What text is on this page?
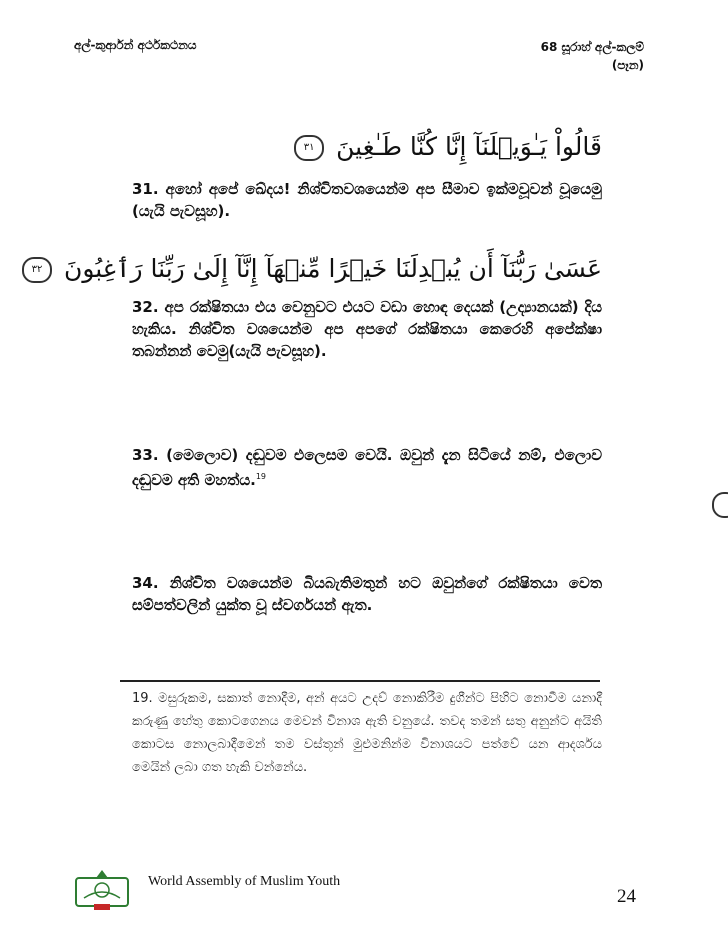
අල්-කුර්ආන් අර්ථකථනය	68 සූරාහ් අල්-කලම්
(පෑන)
قَالُواْ يَـٰوَيۡلَنَآ إِنَّا كُنَّا طَـٰغِينَ ٣١
31. අහෝ අපේ ඛේදය! නිශ්චිතවශයෙන්ම අප සීමාව ඉක්මවූවන් වූයෙමු (යැයි පැවසූහ).
عَسَىٰ رَبُّنَآ أَن يُبۡدِلَنَا خَيۡرًا مِّنۡهَآ إِنَّآ إِلَىٰ رَبِّنَا رَٲغِبُونَ ٣٢
32. අප රක්ෂිතයා එය වෙනුවට එයට වඩා හොඳ දෙයක් (උද්‍යානයක්) දිය හැකිය. නිශ්චිත වශයෙන්ම අප අපගේ රක්ෂිතයා කෙරෙහි අපේක්ෂා තබන්නන් වෙමු(යැයි පැවසූහ).
33. (මෙලොව) දඬුවම එලෙසම වෙයි. ඔවුන් දැන සිටියේ නම්, එලොව දඬුවම අති මහත්ය.$^{19}$
34. නිශ්චිත වශයෙන්ම බියබැතිමතුන් හට ඔවුන්ගේ රක්ෂිතයා වෙත සම්පත්වලින් යුක්ත වූ ස්වර්ගයන් ඇත.
19. මසුරුකම, සකාත් නොදීම, අන් අයට උදව් නොකිරීම දුගීන්ට පිහිට නොවීම යනාදී කරුණු හේතු කොටගෙනය මෙවන් විනාශ ඇති වනුයේ. තවද තමන් සතු අනුන්ට අයිති කොටස නොලබාදීමෙන් තම වස්තූන් මුළුමනින්ම විනාශයට පත්වේ යන ආදර්ශය මෙයින් ලබා ගත හැකි වන්නේය.
World Assembly of Muslim Youth
24
